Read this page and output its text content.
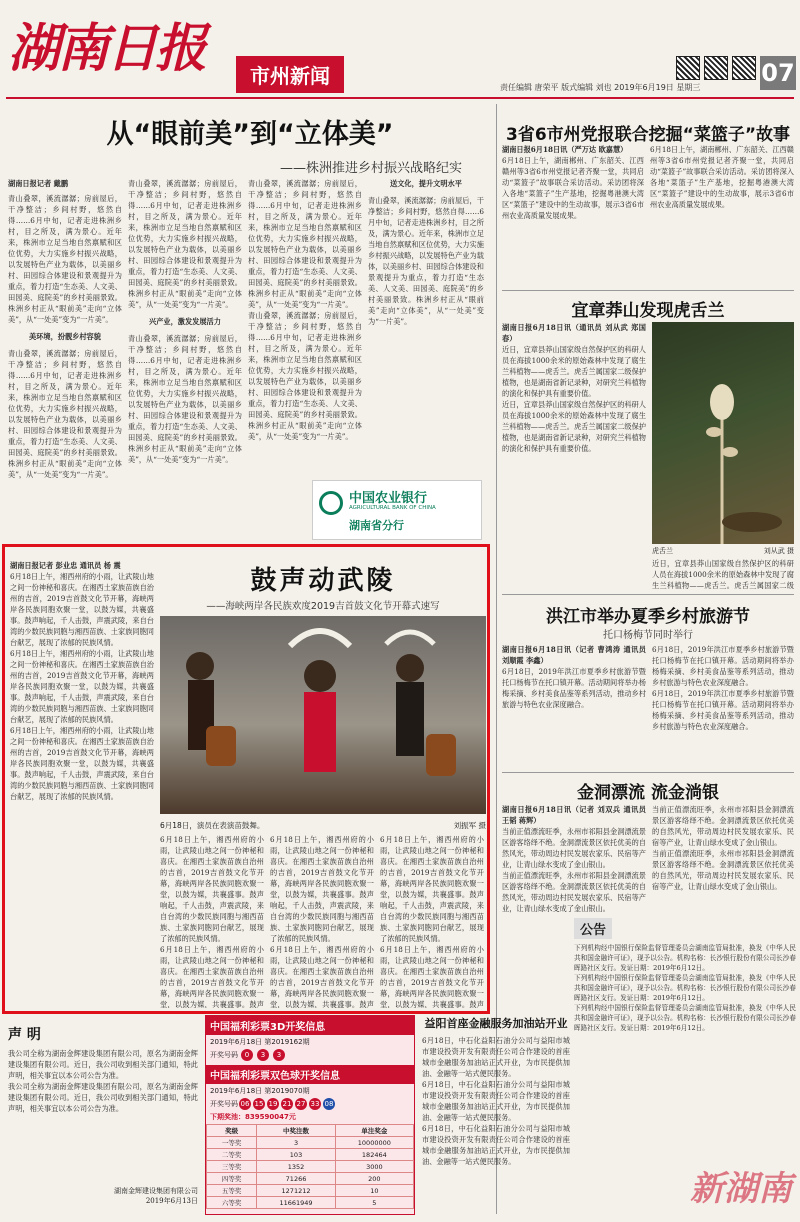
湖南日报	市州新闻	责任编辑 唐荣平 版式编辑 刘也 2019年6月19日 星期三
07
从“眼前美”到“立体美”
——株洲推进乡村振兴战略纪实
湖南日报记者 戴鹏
青山叠翠，溪流潺潺；房前屋后，干净整洁；乡间村野，悠然自得……6月中旬，记者走进株洲乡村，目之所及，满为景心。近年来，株洲市立足当地自然禀赋和区位优势，大力实施乡村振兴战略，以发展特色产业为载体，以美丽乡村、田园综合体建设和景观提升为重点，着力打造“生态美、人文美、田园美、庭院美”的乡村美丽景致。株洲乡村正从“眼前美”走向“立体美”，从“一处美”变为“一片美”。
美环境，扮靓乡村容貌
青山叠翠，溪流潺潺；房前屋后，干净整洁；乡间村野，悠然自得……6月中旬，记者走进株洲乡村，目之所及，满为景心。近年来，株洲市立足当地自然禀赋和区位优势，大力实施乡村振兴战略，以发展特色产业为载体，以美丽乡村、田园综合体建设和景观提升为重点，着力打造“生态美、人文美、田园美、庭院美”的乡村美丽景致。株洲乡村正从“眼前美”走向“立体美”，从“一处美”变为“一片美”。
青山叠翠，溪流潺潺；房前屋后，干净整洁；乡间村野，悠然自得……6月中旬，记者走进株洲乡村，目之所及，满为景心。近年来，株洲市立足当地自然禀赋和区位优势，大力实施乡村振兴战略，以发展特色产业为载体，以美丽乡村、田园综合体建设和景观提升为重点，着力打造“生态美、人文美、田园美、庭院美”的乡村美丽景致。株洲乡村正从“眼前美”走向“立体美”，从“一处美”变为“一片美”。
兴产业，激发发展活力
青山叠翠，溪流潺潺；房前屋后，干净整洁；乡间村野，悠然自得……6月中旬，记者走进株洲乡村，目之所及，满为景心。近年来，株洲市立足当地自然禀赋和区位优势，大力实施乡村振兴战略，以发展特色产业为载体，以美丽乡村、田园综合体建设和景观提升为重点，着力打造“生态美、人文美、田园美、庭院美”的乡村美丽景致。株洲乡村正从“眼前美”走向“立体美”，从“一处美”变为“一片美”。
青山叠翠，溪流潺潺；房前屋后，干净整洁；乡间村野，悠然自得……6月中旬，记者走进株洲乡村，目之所及，满为景心。近年来，株洲市立足当地自然禀赋和区位优势，大力实施乡村振兴战略，以发展特色产业为载体，以美丽乡村、田园综合体建设和景观提升为重点，着力打造“生态美、人文美、田园美、庭院美”的乡村美丽景致。株洲乡村正从“眼前美”走向“立体美”，从“一处美”变为“一片美”。
青山叠翠，溪流潺潺；房前屋后，干净整洁；乡间村野，悠然自得……6月中旬，记者走进株洲乡村，目之所及，满为景心。近年来，株洲市立足当地自然禀赋和区位优势，大力实施乡村振兴战略，以发展特色产业为载体，以美丽乡村、田园综合体建设和景观提升为重点，着力打造“生态美、人文美、田园美、庭院美”的乡村美丽景致。株洲乡村正从“眼前美”走向“立体美”，从“一处美”变为“一片美”。
送文化，提升文明水平
青山叠翠，溪流潺潺；房前屋后，干净整洁；乡间村野，悠然自得……6月中旬，记者走进株洲乡村，目之所及，满为景心。近年来，株洲市立足当地自然禀赋和区位优势，大力实施乡村振兴战略，以发展特色产业为载体，以美丽乡村、田园综合体建设和景观提升为重点，着力打造“生态美、人文美、田园美、庭院美”的乡村美丽景致。株洲乡村正从“眼前美”走向“立体美”，从“一处美”变为“一片美”。
中国农业银行
AGRICULTURAL BANK OF CHINA
湖南省分行
3省6市州党报联合挖掘“菜篮子”故事
湖南日报6月18日讯（严万达 欧嘉慧）
6月18日上午，湖南郴州、广东韶关、江西赣州等3省6市州党报记者齐聚一堂，共同启动“菜篮子”故事联合采访活动。采访团将深入各地“菜篮子”生产基地，挖掘粤港澳大湾区“菜篮子”建设中的生动故事，展示3省6市州农业高质量发展成果。
6月18日上午，湖南郴州、广东韶关、江西赣州等3省6市州党报记者齐聚一堂，共同启动“菜篮子”故事联合采访活动。采访团将深入各地“菜篮子”生产基地，挖掘粤港澳大湾区“菜篮子”建设中的生动故事，展示3省6市州农业高质量发展成果。
宜章莽山发现虎舌兰
湖南日报6月18日讯（通讯员 刘从武 郑国春）
近日，宜章县莽山国家级自然保护区的科研人员在海拔1000余米的原始森林中发现了腐生兰科植物——虎舌兰。虎舌兰属国家二级保护植物，也是湖南省新记录种，对研究兰科植物的演化和保护具有重要价值。
近日，宜章县莽山国家级自然保护区的科研人员在海拔1000余米的原始森林中发现了腐生兰科植物——虎舌兰。虎舌兰属国家二级保护植物，也是湖南省新记录种，对研究兰科植物的演化和保护具有重要价值。
虎舌兰	刘从武 摄
近日，宜章县莽山国家级自然保护区的科研人员在海拔1000余米的原始森林中发现了腐生兰科植物——虎舌兰。虎舌兰属国家二级
洪江市举办夏季乡村旅游节
托口杨梅节同时举行
湖南日报6月18日讯（记者 曹鸿涛 通讯员 刘顺霞 李鑫）
6月18日，2019年洪江市夏季乡村旅游节暨托口杨梅节在托口镇开幕。活动期间将举办杨梅采摘、乡村美食品鉴等系列活动，推动乡村旅游与特色农业深度融合。
6月18日，2019年洪江市夏季乡村旅游节暨托口杨梅节在托口镇开幕。活动期间将举办杨梅采摘、乡村美食品鉴等系列活动，推动乡村旅游与特色农业深度融合。
6月18日，2019年洪江市夏季乡村旅游节暨托口杨梅节在托口镇开幕。活动期间将举办杨梅采摘、乡村美食品鉴等系列活动，推动乡村旅游与特色农业深度融合。
金洞漂流 流金淌银
湖南日报6月18日讯（记者 刘双兵 通讯员 王韬 蒋辉）
当前正值漂流旺季，永州市祁阳县金洞漂流景区游客络绎不绝。金洞漂流景区依托优美的自然风光，带动周边村民发展农家乐、民宿等产业，让青山绿水变成了金山银山。
当前正值漂流旺季，永州市祁阳县金洞漂流景区游客络绎不绝。金洞漂流景区依托优美的自然风光，带动周边村民发展农家乐、民宿等产业，让青山绿水变成了金山银山。
当前正值漂流旺季，永州市祁阳县金洞漂流景区游客络绎不绝。金洞漂流景区依托优美的自然风光，带动周边村民发展农家乐、民宿等产业，让青山绿水变成了金山银山。
当前正值漂流旺季，永州市祁阳县金洞漂流景区游客络绎不绝。金洞漂流景区依托优美的自然风光，带动周边村民发展农家乐、民宿等产业，让青山绿水变成了金山银山。
公告
下列机构经中国银行保险监督管理委员会湖南监管局批准，换发《中华人民共和国金融许可证》，现予以公告。机构名称：长沙银行股份有限公司长沙春晖路社区支行。发证日期：2019年6月12日。
下列机构经中国银行保险监督管理委员会湖南监管局批准，换发《中华人民共和国金融许可证》，现予以公告。机构名称：长沙银行股份有限公司长沙春晖路社区支行。发证日期：2019年6月12日。
下列机构经中国银行保险监督管理委员会湖南监管局批准，换发《中华人民共和国金融许可证》，现予以公告。机构名称：长沙银行股份有限公司长沙春晖路社区支行。发证日期：2019年6月12日。
新湖南
湖南日报记者 彭业忠 通讯员 杨 震
6月18日上午，湘西州府的小雨，让武陵山地之间一份神秘和喜庆。在湘西土家族苗族自治州的吉首，2019吉首鼓文化节开幕，海峡两岸各民族同胞欢聚一堂，以鼓为媒，共襄盛事。鼓声响起，千人击鼓，声震武陵，来自台湾的少数民族同胞与湘西苗族、土家族同胞同台献艺，展现了浓郁的民族风情。
6月18日上午，湘西州府的小雨，让武陵山地之间一份神秘和喜庆。在湘西土家族苗族自治州的吉首，2019吉首鼓文化节开幕，海峡两岸各民族同胞欢聚一堂，以鼓为媒，共襄盛事。鼓声响起，千人击鼓，声震武陵，来自台湾的少数民族同胞与湘西苗族、土家族同胞同台献艺，展现了浓郁的民族风情。
6月18日上午，湘西州府的小雨，让武陵山地之间一份神秘和喜庆。在湘西土家族苗族自治州的吉首，2019吉首鼓文化节开幕，海峡两岸各民族同胞欢聚一堂，以鼓为媒，共襄盛事。鼓声响起，千人击鼓，声震武陵，来自台湾的少数民族同胞与湘西苗族、土家族同胞同台献艺，展现了浓郁的民族风情。
鼓声动武陵
——海峡两岸各民族欢度2019吉首鼓文化节开幕式速写
6月18日，演员在表演苗鼓舞。	刘振军 摄
6月18日上午，湘西州府的小雨，让武陵山地之间一份神秘和喜庆。在湘西土家族苗族自治州的吉首，2019吉首鼓文化节开幕，海峡两岸各民族同胞欢聚一堂，以鼓为媒，共襄盛事。鼓声响起，千人击鼓，声震武陵，来自台湾的少数民族同胞与湘西苗族、土家族同胞同台献艺，展现了浓郁的民族风情。
6月18日上午，湘西州府的小雨，让武陵山地之间一份神秘和喜庆。在湘西土家族苗族自治州的吉首，2019吉首鼓文化节开幕，海峡两岸各民族同胞欢聚一堂，以鼓为媒，共襄盛事。鼓声
6月18日上午，湘西州府的小雨，让武陵山地之间一份神秘和喜庆。在湘西土家族苗族自治州的吉首，2019吉首鼓文化节开幕，海峡两岸各民族同胞欢聚一堂，以鼓为媒，共襄盛事。鼓声响起，千人击鼓，声震武陵，来自台湾的少数民族同胞与湘西苗族、土家族同胞同台献艺，展现了浓郁的民族风情。
6月18日上午，湘西州府的小雨，让武陵山地之间一份神秘和喜庆。在湘西土家族苗族自治州的吉首，2019吉首鼓文化节开幕，海峡两岸各民族同胞欢聚一堂，以鼓为媒，共襄盛事。鼓声
6月18日上午，湘西州府的小雨，让武陵山地之间一份神秘和喜庆。在湘西土家族苗族自治州的吉首，2019吉首鼓文化节开幕，海峡两岸各民族同胞欢聚一堂，以鼓为媒，共襄盛事。鼓声响起，千人击鼓，声震武陵，来自台湾的少数民族同胞与湘西苗族、土家族同胞同台献艺，展现了浓郁的民族风情。
6月18日上午，湘西州府的小雨，让武陵山地之间一份神秘和喜庆。在湘西土家族苗族自治州的吉首，2019吉首鼓文化节开幕，海峡两岸各民族同胞欢聚一堂，以鼓为媒，共襄盛事。鼓声
声 明
我公司全称为湖南金辉建设集团有限公司，原名为湖南金辉建设集团有限公司。近日，我公司收到相关部门通知，特此声明，相关事宜以本公司公告为准。
我公司全称为湖南金辉建设集团有限公司，原名为湖南金辉建设集团有限公司。近日，我公司收到相关部门通知，特此声明，相关事宜以本公司公告为准。
湖南金辉建设集团有限公司
2019年6月13日
中国福利彩票3D开奖信息
2019年6月18日 第2019162期
开奖号码 0	3	3
中国福利彩票双色球开奖信息
2019年6月18日 第2019070期
开奖号码 06 15 19 21 27 33 08
下期奖池：839590047元
奖级	中奖注数	单注奖金
一等奖	3	10000000
二等奖	103	182464
三等奖	1352	3000
四等奖	71266	200
五等奖	1271212	10
六等奖	11661949	5
益阳首座金融服务加油站开业
6月18日，中石化益阳石油分公司与益阳市城市建设投资开发有限责任公司合作建设的首座城市金融服务加油站正式开业，为市民提供加油、金融等一站式便民服务。
6月18日，中石化益阳石油分公司与益阳市城市建设投资开发有限责任公司合作建设的首座城市金融服务加油站正式开业，为市民提供加油、金融等一站式便民服务。
6月18日，中石化益阳石油分公司与益阳市城市建设投资开发有限责任公司合作建设的首座城市金融服务加油站正式开业，为市民提供加油、金融等一站式便民服务。
